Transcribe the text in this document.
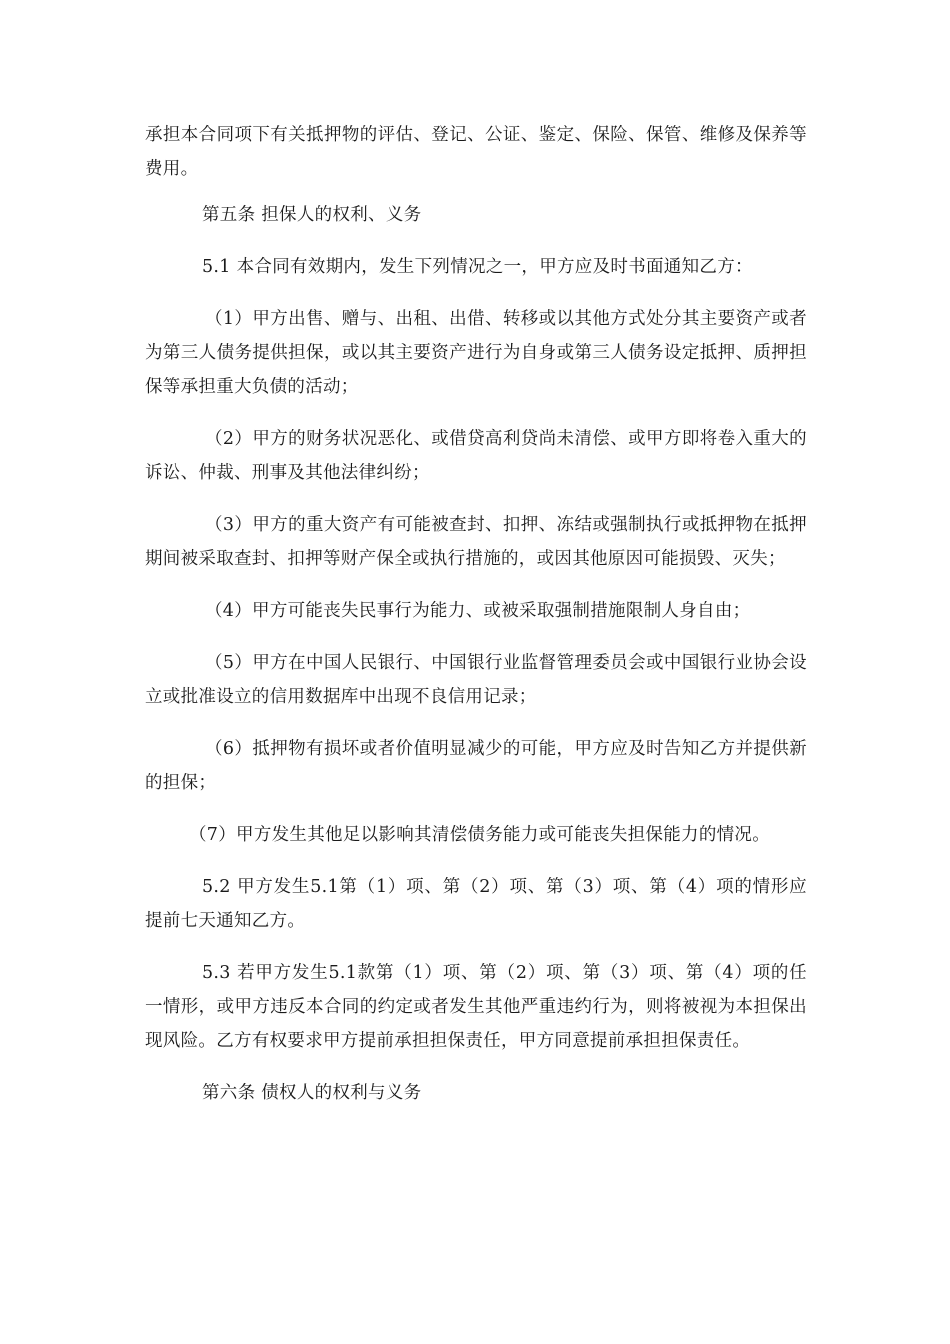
承担本合同项下有关抵押物的评估、登记、公证、鉴定、保险、保管、维修及保养等费用。

第五条 担保人的权利、义务

5.1 本合同有效期内，发生下列情况之一，甲方应及时书面通知乙方：

（1）甲方出售、赠与、出租、出借、转移或以其他方式处分其主要资产或者为第三人债务提供担保，或以其主要资产进行为自身或第三人债务设定抵押、质押担保等承担重大负债的活动；

（2）甲方的财务状况恶化、或借贷高利贷尚未清偿、或甲方即将卷入重大的诉讼、仲裁、刑事及其他法律纠纷；

（3）甲方的重大资产有可能被查封、扣押、冻结或强制执行或抵押物在抵押期间被采取查封、扣押等财产保全或执行措施的，或因其他原因可能损毁、灭失；

（4）甲方可能丧失民事行为能力、或被采取强制措施限制人身自由；

（5）甲方在中国人民银行、中国银行业监督管理委员会或中国银行业协会设立或批准设立的信用数据库中出现不良信用记录；

（6）抵押物有损坏或者价值明显减少的可能，甲方应及时告知乙方并提供新的担保；

（7）甲方发生其他足以影响其清偿债务能力或可能丧失担保能力的情况。

5.2 甲方发生5.1第（1）项、第（2）项、第（3）项、第（4）项的情形应提前七天通知乙方。

5.3 若甲方发生5.1款第（1）项、第（2）项、第（3）项、第（4）项的任一情形，或甲方违反本合同的约定或者发生其他严重违约行为，则将被视为本担保出现风险。乙方有权要求甲方提前承担担保责任，甲方同意提前承担担保责任。

第六条 债权人的权利与义务
